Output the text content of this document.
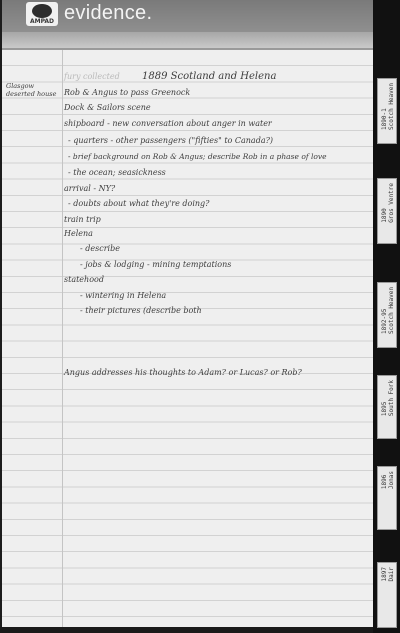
AMPAD evidence.

Glasgow

deserted house

fury collected 1889 Scotland and Helena

Rob & Angus to pass Greenock

Dock & Sailors scene

shipboard - new conversation about anger in water

- quarters - other passengers ("fifties" to Canada?)

- brief background on Rob & Angus; describe Rob in a phase of love

- the ocean; seasickness

arrival - NY?

- doubts about what they're doing?

train trip

Helena

- describe

- jobs & lodging - mining temptations

statehood

- wintering in Helena

- their pictures (describe both

Angus addresses his thoughts to Adam? or Lucas? or Rob?

1890-1
Scotch Heaven
1890
Gros Ventre
1892-95
Scotch Heaven
1895
South Fork
1896
Jonas
1897
Dair
